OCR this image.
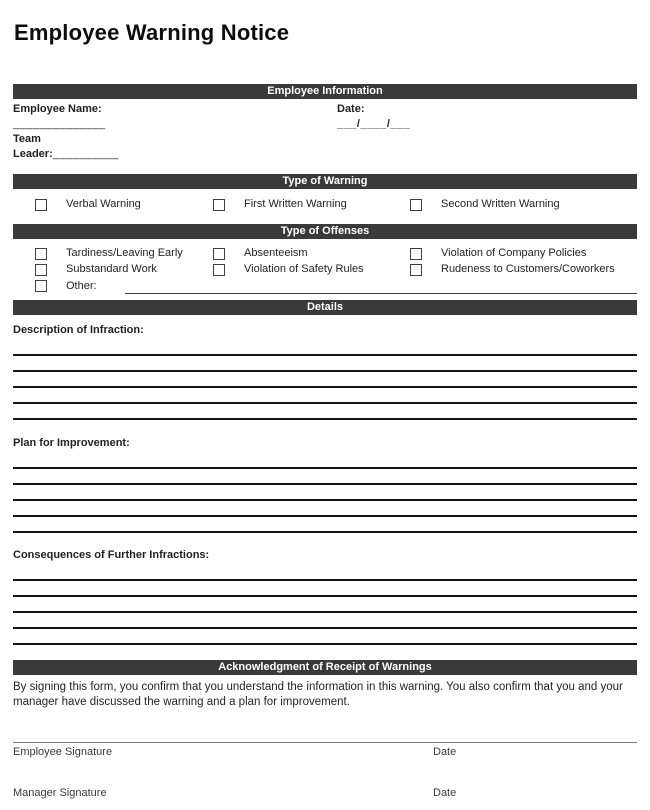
Employee Warning Notice
Employee Information
Employee Name:	Date:
______________	___/____/___
Team
Leader:__________
Type of Warning
Verbal Warning	First Written Warning	Second Written Warning
Type of Offenses
Tardiness/Leaving Early	Absenteeism	Violation of Company Policies
Substandard Work	Violation of Safety Rules	Rudeness to Customers/Coworkers
Other:
Details
Description of Infraction:
Plan for Improvement:
Consequences of Further Infractions:
Acknowledgment of Receipt of Warnings
By signing this form, you confirm that you understand the information in this warning. You also confirm that you and your manager have discussed the warning and a plan for improvement.
Employee Signature	Date
Manager Signature	Date
